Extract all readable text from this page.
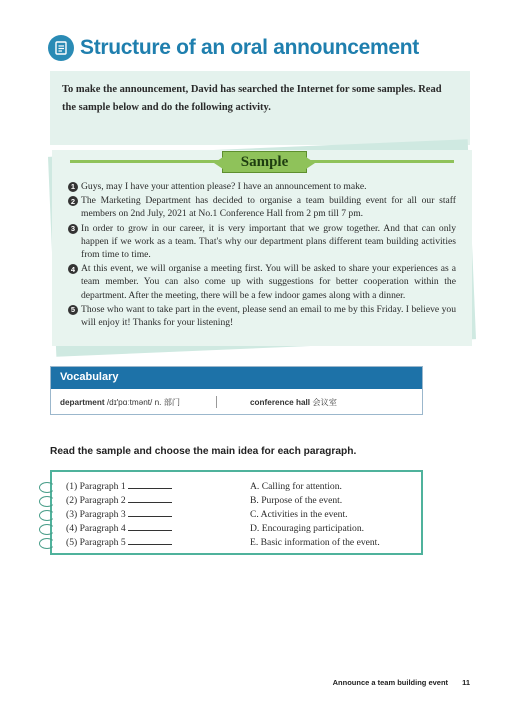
Structure of an oral announcement
To make the announcement, David has searched the Internet for some samples. Read the sample below and do the following activity.
Sample
1 Guys, may I have your attention please? I have an announcement to make.
2 The Marketing Department has decided to organise a team building event for all our staff members on 2nd July, 2021 at No.1 Conference Hall from 2 pm till 7 pm.
3 In order to grow in our career, it is very important that we grow together. And that can only happen if we work as a team. That's why our department plans different team building activities from time to time.
4 At this event, we will organise a meeting first. You will be asked to share your experiences as a team member. You can also come up with suggestions for better cooperation within the department. After the meeting, there will be a few indoor games along with a dinner.
5 Those who want to take part in the event, please send an email to me by this Friday. I believe you will enjoy it! Thanks for your listening!
Vocabulary
department /dɪ'pɑːtmənt/ n. 部门	conference hall 会议室
Read the sample and choose the main idea for each paragraph.
(1) Paragraph 1
(2) Paragraph 2
(3) Paragraph 3
(4) Paragraph 4
(5) Paragraph 5
A. Calling for attention.
B. Purpose of the event.
C. Activities in the event.
D. Encouraging participation.
E. Basic information of the event.
Announce a team building event 11
